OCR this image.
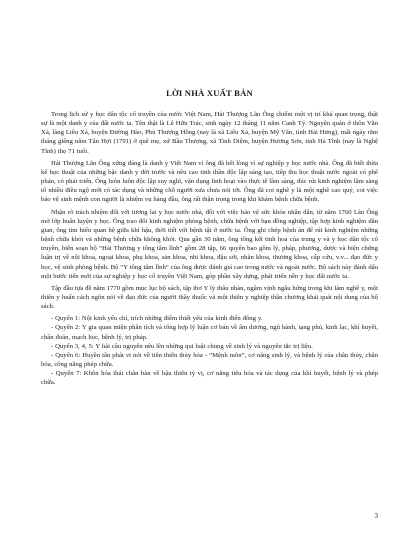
LỜI NHÀ XUẤT BẢN

Trong lịch sử y học dân tộc cổ truyền của nước Việt Nam, Hải Thượng Lãn Ông chiếm một vị trí khá quan trọng, thật sự là một danh y của đất nước ta. Tên thật là Lê Hữu Trác, sinh ngày 12 tháng 11 năm Canh Tý. Nguyên quán ở thôn Văn Xá, làng Liêu Xá, huyện Đường Hào, Phủ Thượng Hồng (nay là xã Liêu Xá, huyện Mỹ Văn, tỉnh Hải Hưng), mất ngày rằm tháng giêng năm Tân Hợi (1791) ở quê mẹ, xứ Bầu Thượng, xã Tình Diệm, huyện Hương Sơn, tỉnh Hà Tĩnh (nay là Nghệ Tĩnh) thọ 71 tuổi.

Hải Thượng Lãn Ông xứng đáng là danh y Việt Nam vì ông đã hết lòng vì sự nghiệp y học nước nhà. Ông đã biết thừa kế học thuật của những bậc danh y đời trước và nêu cao tinh thần độc lập sáng tạo, tiếp thu học thuật nước ngoài có phê phán, có phát triển. Ông luôn luôn độc lập suy nghĩ, vận dụng linh hoạt vào thực tế lâm sàng, đúc rút kinh nghiệm lâm sàng tổ nhiều điều ngộ mới có tác dụng và những chỗ người xưa chưa nói tới. Ông đã coi nghề y là một nghề cao quý, coi việc bảo vệ sinh mệnh con người là nhiệm vụ hàng đầu, ông rất thận trọng trong khi khám bệnh chữa bệnh.

Nhận rõ trách nhiệm đối với tương lai y học nước nhà, đối với việc bảo vệ sức khỏe nhân dân, từ năm 1760 Lãn Ông mở lớp huấn luyện y học. Ông trao đổi kinh nghiệm phòng bệnh, chữa bệnh với bạn đồng nghiệp, tập hợp kinh nghiệm dân gian, ông tìm hiểu quan hệ giữa khí hậu, thời tiết với bệnh tật ở nước ta. Ông ghi chép bệnh án để rút kinh nghiệm những bệnh chữa khỏi và những bệnh chữa không khỏi. Qua gần 30 năm, ông tổng kết tinh hoa của trung y và y học dân tộc cổ truyền, biên soạn bộ “Hải Thượng y tông tâm lĩnh” gồm 28 tập, 66 quyển bao gồm lý, pháp, phương, dược và biện chứng luận trị về nội khoa, ngoại khoa, phụ khoa, sản khoa, nhi khoa, đậu sởi, nhãn khoa, thương khoa, cấp cứu, v.v... đạo đức y học, vệ sinh phòng bệnh. Bộ “Y tông tâm lĩnh” của ông được đánh giá cao trong nước và ngoài nước. Bộ sách này đánh dấu một bước tiến mới của sự nghiệp y học cổ truyền Việt Nam, góp phần xây dựng, phát triển nền y học đất nước ta.

Tập đầu tựa đề năm 1770 gồm mục lục bộ sách, tập thơ Y lý thâu nhàn, ngâm vịnh ngẫu hứng trong khi làm nghề y, một thiên y huấn cách ngôn nói về đạo đức của người thầy thuốc và một thiên y nghiệp thần chương khái quát nội dung của bộ sách.

- Quyển 1: Nội kinh yếu chỉ, trích những điểm thiết yếu của kinh điển đông y.

- Quyển 2: Y gia quan miện phân tích và tổng hợp lý luận cơ bản về âm dương, ngũ hành, tạng phủ, kinh lạc, khí huyết, chẩn đoán, mạch học, bệnh lý, trị pháp.

- Quyển 3, 4, 5: Y hải cầu nguyên nêu lên những qui luật chung về sinh lý và nguyên tắc trị liệu.

- Quyển 6: Huyền tẫn phát vi nói về tiên thiên thủy hỏa - “Mệnh môn”, cơ năng sinh lý, và bệnh lý của chân thủy, chân hỏa, công năng phép chữa.

- Quyển 7: Khôn hóa thái chân bàn về hậu thiên tỳ vị, cơ năng tiêu hóa và tác dụng của khí huyết, bệnh lý và phép chữa.

3
